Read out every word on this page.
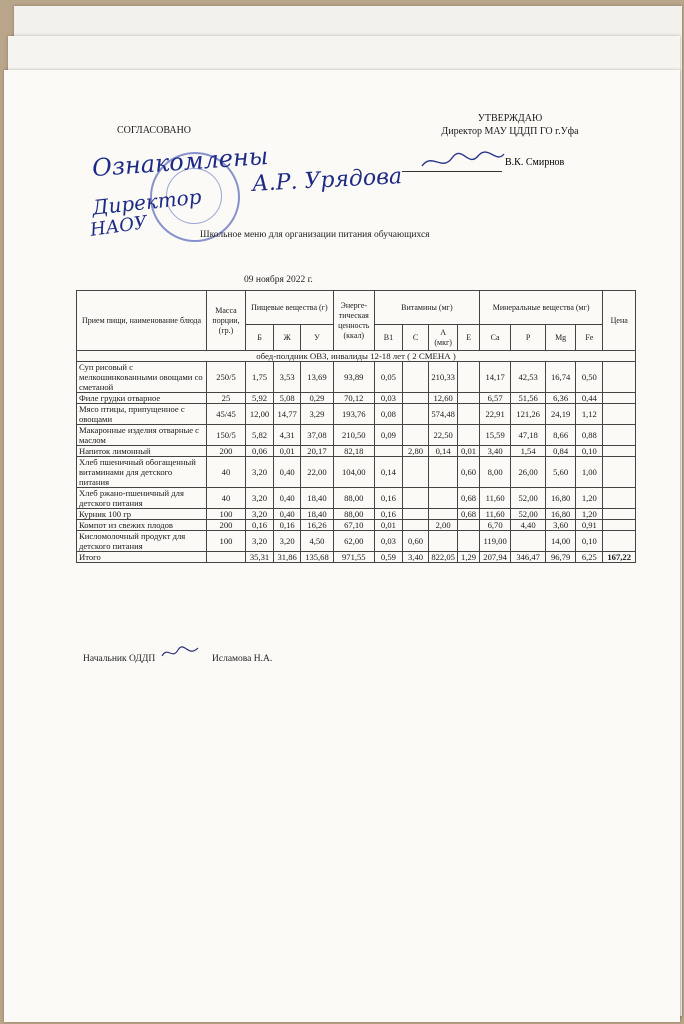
СОГЛАСОВАНО
УТВЕРЖДАЮ
Директор МАУ ЦДДП ГО г.Уфа
В.К. Смирнов
Ознакомлены
Директор
НАОУ
А.Р. Урядова
Школьное меню для организации питания обучающихся
09 ноября 2022 г.
Прием пищи, наименование блюда	Масса порции, (гр.)	Пищевые вещества (г)			Энерге-тическая ценность (ккал)	Витамины (мг)				Минеральные вещества (мг)				Цена
		Б	Ж	У		В1	С	А (мкг)	Е	Са	Р	Mg	Fe	
обед-полдник ОВЗ, инвалиды 12-18 лет ( 2 СМЕНА )														
Суп рисовый с мелкошинкованными овощами со сметаной	250/5	1,75	3,53	13,69	93,89	0,05		210,33		14,17	42,53	16,74	0,50	
Филе грудки отварное	25	5,92	5,08	0,29	70,12	0,03		12,60		6,57	51,56	6,36	0,44	
Мясо птицы, припущенное с овощами	45/45	12,00	14,77	3,29	193,76	0,08		574,48		22,91	121,26	24,19	1,12	
Макаронные изделия отварные с маслом	150/5	5,82	4,31	37,08	210,50	0,09		22,50		15,59	47,18	8,66	0,88	
Напиток лимонный	200	0,06	0,01	20,17	82,18		2,80	0,14	0,01	3,40	1,54	0,84	0,10	
Хлеб пшеничный обогащенный витаминами для детского питания	40	3,20	0,40	22,00	104,00	0,14			0,60	8,00	26,00	5,60	1,00	
Хлеб ржано-пшеничный для детского питания	40	3,20	0,40	18,40	88,00	0,16			0,68	11,60	52,00	16,80	1,20	
Курник 100 гр	100	3,20	0,40	18,40	88,00	0,16			0,68	11,60	52,00	16,80	1,20	
Компот из свежих плодов	200	0,16	0,16	16,26	67,10	0,01		2,00		6,70	4,40	3,60	0,91	
Кисломолочный продукт для детского питания	100	3,20	3,20	4,50	62,00	0,03	0,60			119,00		14,00	0,10	
Итого		35,31	31,86	135,68	971,55	0,59	3,40	822,05	1,29	207,94	346,47	96,79	6,25	167,22
Начальник ОДДП	Исламова Н.А.
